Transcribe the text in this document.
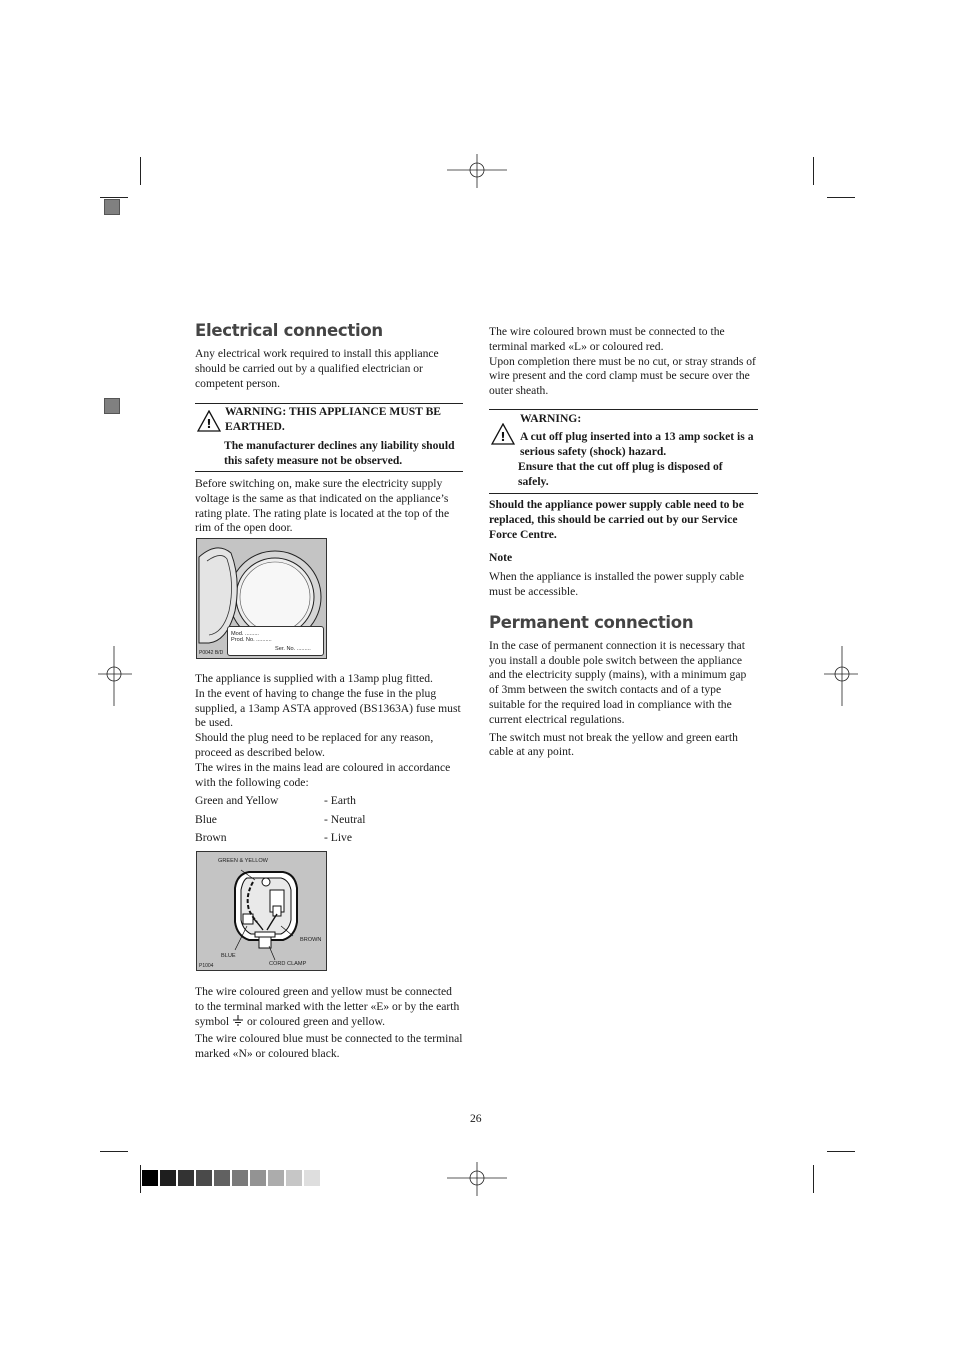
Electrical connection

Any electrical work required to install this appliance should be carried out by a qualified electrician or competent person.

!
WARNING: THIS APPLIANCE MUST BE EARTHED.
The manufacturer declines any liability should this safety measure not be observed.

Before switching on, make sure the electricity supply voltage is the same as that indicated on the appliance’s rating plate. The rating plate is located at the top of the rim of the open door.

Mod. .........
Prod. No. ..........
Ser. No. .........
P0042 B/D
The appliance is supplied with a 13amp plug fitted.
In the event of having to change the fuse in the plug supplied, a 13amp ASTA approved (BS1363A) fuse must be used.
Should the plug need to be replaced for any reason, proceed as described below.
The wires in the mains lead are coloured in accordance with the following code:
Green and Yellow	- Earth
Blue	- Neutral
Brown	- Live
GREEN & YELLOW
BROWN
BLUE
CORD CLAMP
P1004

The wire coloured green and yellow must be connected to the terminal marked with the letter «E» or by the earth symbol or coloured green and yellow.

The wire coloured blue must be connected to the terminal marked «N» or coloured black.

The wire coloured brown must be connected to the terminal marked «L» or coloured red.
Upon completion there must be no cut, or stray strands of wire present and the cord clamp must be secure over the outer sheath.
!
WARNING:
A cut off plug inserted into a 13 amp socket is a serious safety (shock) hazard.
Ensure that the cut off plug is disposed of safely.

Should the appliance power supply cable need to be replaced, this should be carried out by our Service Force Centre.

Note

When the appliance is installed the power supply cable must be accessible.

Permanent connection

In the case of permanent connection it is necessary that you install a double pole switch between the appliance and the electricity supply (mains), with a minimum gap of 3mm between the switch contacts and of a type suitable for the required load in compliance with the current electrical regulations.

The switch must not break the yellow and green earth cable at any point.

26
